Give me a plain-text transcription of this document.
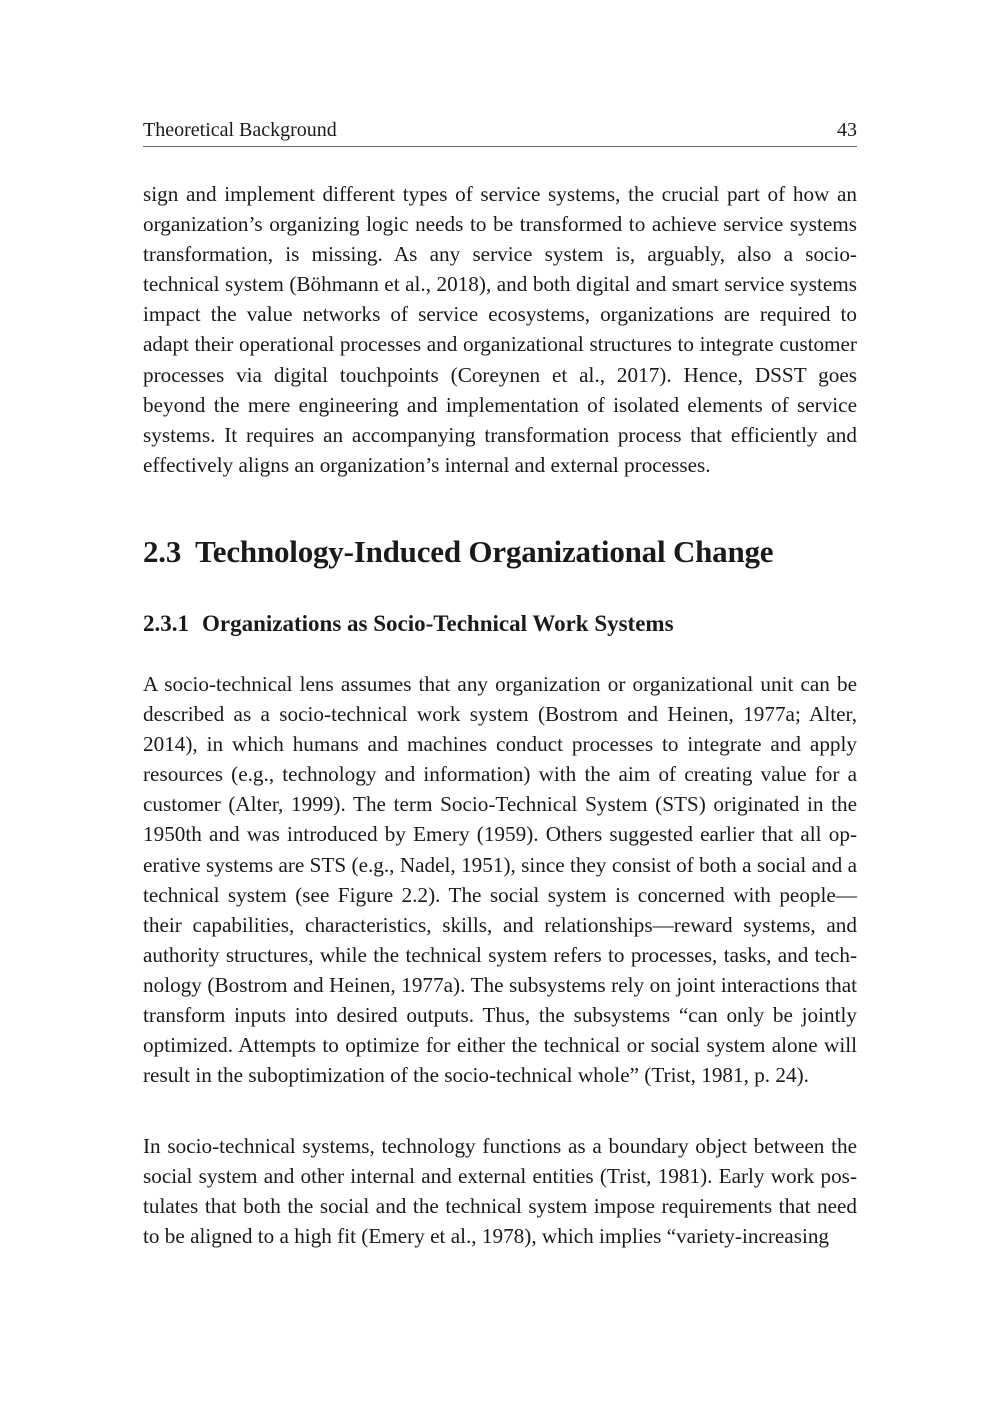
Theoretical Background	43

sign and implement different types of service systems, the crucial part of how an organization’s organizing logic needs to be transformed to achieve service systems transformation, is missing. As any service system is, arguably, also a socio-technical system (Böhmann et al., 2018), and both digital and smart service systems impact the value networks of service ecosystems, organizations are required to adapt their operational processes and organizational structures to integrate customer processes via digital touchpoints (Coreynen et al., 2017). Hence, DSST goes beyond the mere engineering and implementation of isolated elements of service systems. It requires an accompanying transformation process that efficiently and effectively aligns an organization’s internal and external processes.

2.3 Technology-Induced Organizational Change
2.3.1 Organizations as Socio-Technical Work Systems

A socio-technical lens assumes that any organization or organizational unit can be described as a socio-technical work system (Bostrom and Heinen, 1977a; Alter, 2014), in which humans and machines conduct processes to integrate and apply resources (e.g., technology and information) with the aim of creating value for a customer (Alter, 1999). The term Socio-Technical System (STS) originated in the 1950th and was introduced by Emery (1959). Others suggested earlier that all operative systems are STS (e.g., Nadel, 1951), since they consist of both a social and a technical system (see Figure 2.2). The social system is concerned with people— their capabilities, characteristics, skills, and relationships—reward systems, and authority structures, while the technical system refers to processes, tasks, and technology (Bostrom and Heinen, 1977a). The subsystems rely on joint interactions that transform inputs into desired outputs. Thus, the subsystems “can only be jointly optimized. Attempts to optimize for either the technical or social system alone will result in the suboptimization of the socio-technical whole” (Trist, 1981, p. 24).

In socio-technical systems, technology functions as a boundary object between the social system and other internal and external entities (Trist, 1981). Early work postulates that both the social and the technical system impose requirements that need to be aligned to a high fit (Emery et al., 1978), which implies “variety-increasing
